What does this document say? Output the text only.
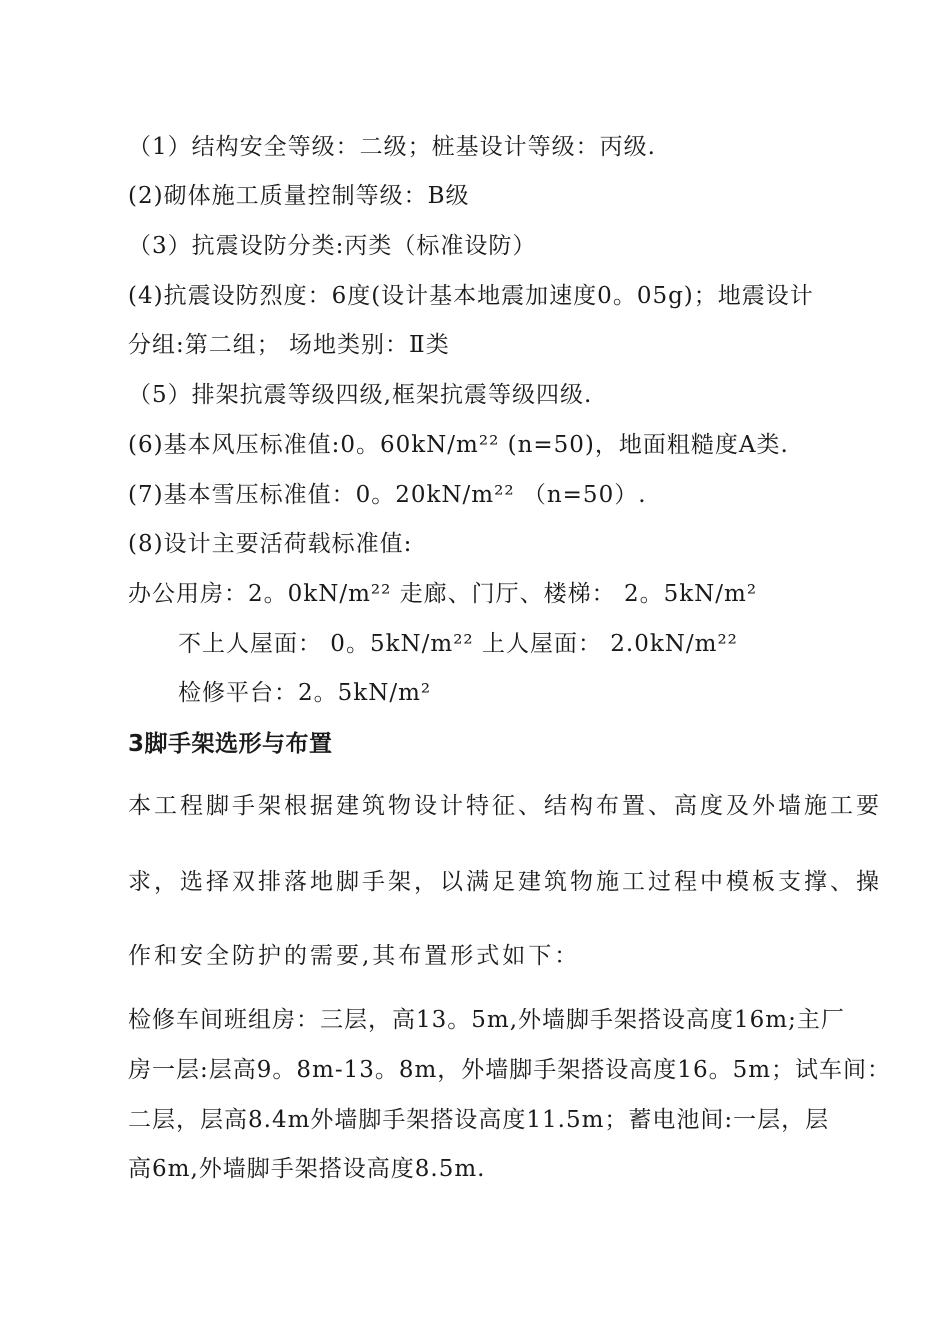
（1）结构安全等级：二级；桩基设计等级：丙级.
(2)砌体施工质量控制等级：B级
（3）抗震设防分类:丙类（标准设防）
(4)抗震设防烈度：6度(设计基本地震加速度0。05g)；地震设计
分组:第二组； 场地类别：Ⅱ类
（5）排架抗震等级四级,框架抗震等级四级.
(6)基本风压标准值:0。60kN/m²² (n=50)，地面粗糙度A类.
(7)基本雪压标准值：0。20kN/m²² （n=50）.
(8)设计主要活荷载标准值:
办公用房：2。0kN/m²² 走廊、门厅、楼梯： 2。5kN/m²
不上人屋面： 0。5kN/m²² 上人屋面： 2.0kN/m²²
检修平台：2。5kN/m²
3脚手架选形与布置
本工程脚手架根据建筑物设计特征、结构布置、高度及外墙施工要
求，选择双排落地脚手架，以满足建筑物施工过程中模板支撑、操
作和安全防护的需要,其布置形式如下：
检修车间班组房：三层，高13。5m,外墙脚手架搭设高度16m;主厂
房一层:层高9。8m-13。8m，外墙脚手架搭设高度16。5m；试车间：
二层，层高8.4m外墙脚手架搭设高度11.5m；蓄电池间:一层，层
高6m,外墙脚手架搭设高度8.5m.
